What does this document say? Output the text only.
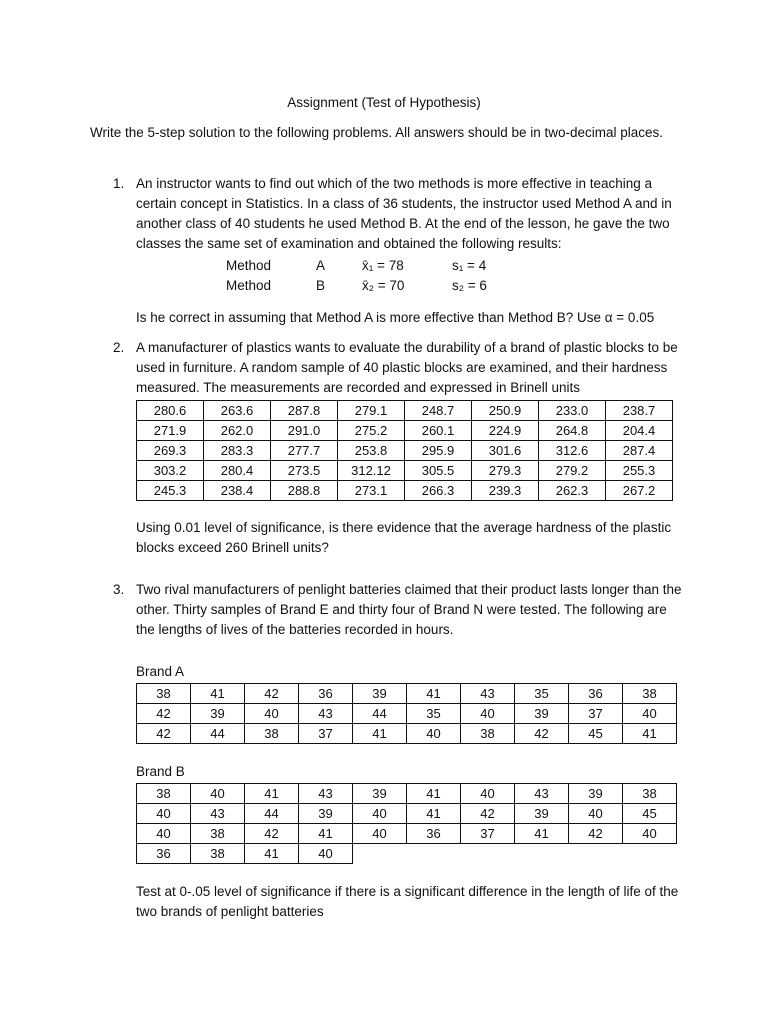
Assignment (Test of Hypothesis)
Write the 5-step solution to the following problems. All answers should be in two-decimal places.
1. An instructor wants to find out which of the two methods is more effective in teaching a certain concept in Statistics. In a class of 36 students, the instructor used Method A and in another class of 40 students he used Method B. At the end of the lesson, he gave the two classes the same set of examination and obtained the following results:
Method	A	x̄₁ = 78	s₁ = 4
Method	B	x̄₂ = 70	s₂ = 6
Is he correct in assuming that Method A is more effective than Method B? Use α = 0.05
2. A manufacturer of plastics wants to evaluate the durability of a brand of plastic blocks to be used in furniture. A random sample of 40 plastic blocks are examined, and their hardness measured. The measurements are recorded and expressed in Brinell units
280.6	263.6	287.8	279.1	248.7	250.9	233.0	238.7
271.9	262.0	291.0	275.2	260.1	224.9	264.8	204.4
269.3	283.3	277.7	253.8	295.9	301.6	312.6	287.4
303.2	280.4	273.5	312.12	305.5	279.3	279.2	255.3
245.3	238.4	288.8	273.1	266.3	239.3	262.3	267.2
Using 0.01 level of significance, is there evidence that the average hardness of the plastic blocks exceed 260 Brinell units?
3. Two rival manufacturers of penlight batteries claimed that their product lasts longer than the other. Thirty samples of Brand E and thirty four of Brand N were tested. The following are the lengths of lives of the batteries recorded in hours.
Brand A
38	41	42	36	39	41	43	35	36	38
42	39	40	43	44	35	40	39	37	40
42	44	38	37	41	40	38	42	45	41
Brand B
38	40	41	43	39	41	40	43	39	38
40	43	44	39	40	41	42	39	40	45
40	38	42	41	40	36	37	41	42	40
36	38	41	40						
Test at 0-.05 level of significance if there is a significant difference in the length of life of the two brands of penlight batteries
